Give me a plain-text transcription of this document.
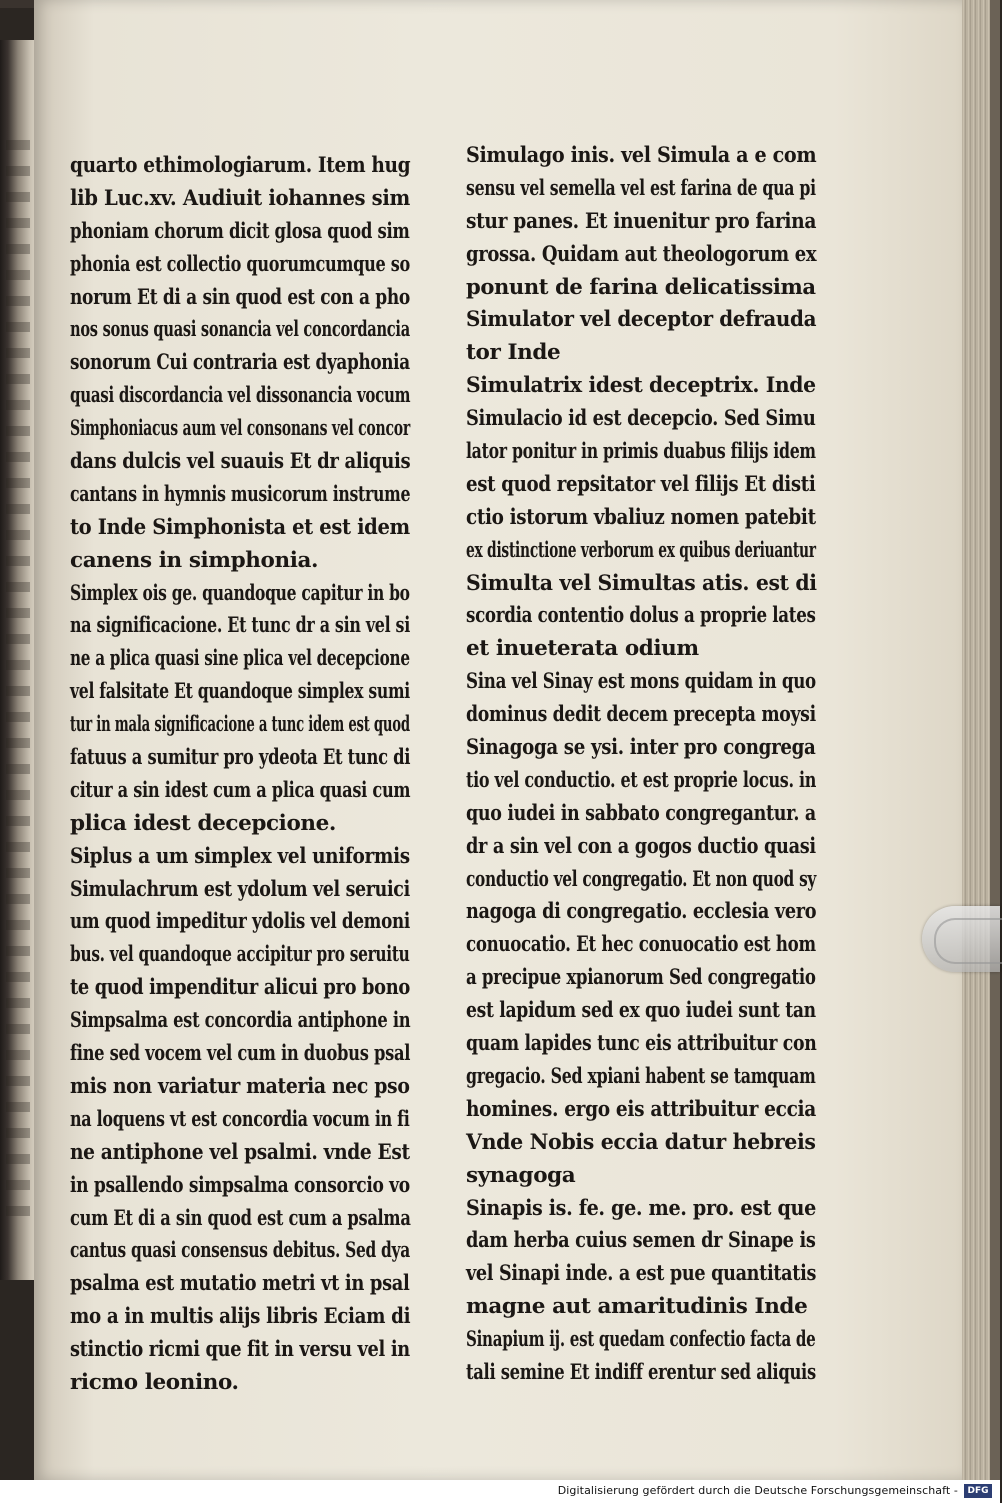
quarto ethimologiarum. Item hug
lib Luc.xv. Audiuit iohannes sim
phoniam chorum dicit glosa quod sim
phonia est collectio quorumcumque so
norum Et di a sin quod est con a pho
nos sonus quasi sonancia vel concordancia
sonorum Cui contraria est dyaphonia
quasi discordancia vel dissonancia vocum
Simphoniacus aum vel consonans vel concor
dans dulcis vel suauis Et dr aliquis
cantans in hymnis musicorum instrume
to Inde Simphonista et est idem
canens in simphonia.
Simplex ois ge. quandoque capitur in bo
na significacione. Et tunc dr a sin vel si
ne a plica quasi sine plica vel decepcione
vel falsitate Et quandoque simplex sumi
tur in mala significacione a tunc idem est quod
fatuus a sumitur pro ydeota Et tunc di
citur a sin idest cum a plica quasi cum
plica idest decepcione.
Siplus a um simplex vel uniformis
Simulachrum est ydolum vel seruici
um quod impeditur ydolis vel demoni
bus. vel quandoque accipitur pro seruitu
te quod impenditur alicui pro bono
Simpsalma est concordia antiphone in
fine sed vocem vel cum in duobus psal
mis non variatur materia nec pso
na loquens vt est concordia vocum in fi
ne antiphone vel psalmi. vnde Est
in psallendo simpsalma consorcio vo
cum Et di a sin quod est cum a psalma
cantus quasi consensus debitus. Sed dya
psalma est mutatio metri vt in psal
mo a in multis alijs libris Eciam di
stinctio ricmi que fit in versu vel in
ricmo leonino.
Simulago inis. vel Simula a e com
sensu vel semella vel est farina de qua pi
stur panes. Et inuenitur pro farina
grossa. Quidam aut theologorum ex
ponunt de farina delicatissima
Simulator vel deceptor defrauda
tor Inde
Simulatrix idest deceptrix. Inde
Simulacio id est decepcio. Sed Simu
lator ponitur in primis duabus filijs idem
est quod repsitator vel filijs Et disti
ctio istorum vbaliuz nomen patebit
ex distinctione verborum ex quibus deriuantur
Simulta vel Simultas atis. est di
scordia contentio dolus a proprie lates
et inueterata odium
Sina vel Sinay est mons quidam in quo
dominus dedit decem precepta moysi
Sinagoga se ysi. inter pro congrega
tio vel conductio. et est proprie locus. in
quo iudei in sabbato congregantur. a
dr a sin vel con a gogos ductio quasi
conductio vel congregatio. Et non quod sy
nagoga di congregatio. ecclesia vero
conuocatio. Et hec conuocatio est hom
a precipue xpianorum Sed congregatio
est lapidum sed ex quo iudei sunt tan
quam lapides tunc eis attribuitur con
gregacio. Sed xpiani habent se tamquam
homines. ergo eis attribuitur eccia
Vnde Nobis eccia datur hebreis
synagoga
Sinapis is. fe. ge. me. pro. est que
dam herba cuius semen dr Sinape is
vel Sinapi inde. a est pue quantitatis
magne aut amaritudinis Inde
Sinapium ij. est quedam confectio facta de
tali semine Et indiff erentur sed aliquis
Digitalisierung gefördert durch die Deutsche Forschungsgemeinschaft -	DFG
